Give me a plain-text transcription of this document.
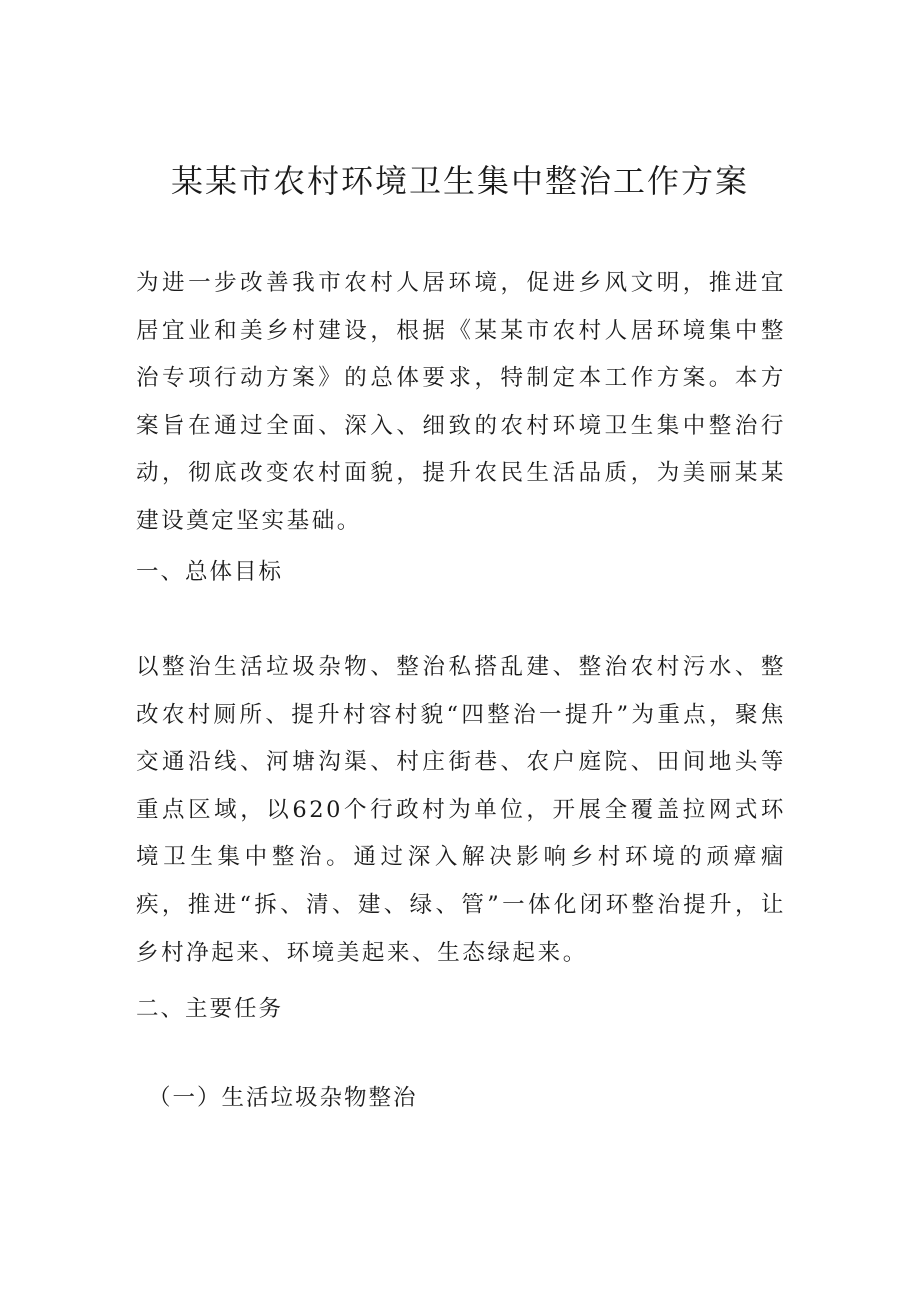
某某市农村环境卫生集中整治工作方案

为进一步改善我市农村人居环境，促进乡风文明，推进宜居宜业和美乡村建设，根据《某某市农村人居环境集中整治专项行动方案》的总体要求，特制定本工作方案。本方案旨在通过全面、深入、细致的农村环境卫生集中整治行动，彻底改变农村面貌，提升农民生活品质，为美丽某某建设奠定坚实基础。

一、总体目标

以整治生活垃圾杂物、整治私搭乱建、整治农村污水、整改农村厕所、提升村容村貌“四整治一提升”为重点，聚焦交通沿线、河塘沟渠、村庄街巷、农户庭院、田间地头等重点区域，以620个行政村为单位，开展全覆盖拉网式环境卫生集中整治。通过深入解决影响乡村环境的顽瘴痼疾，推进“拆、清、建、绿、管”一体化闭环整治提升，让乡村净起来、环境美起来、生态绿起来。

二、主要任务
（一）生活垃圾杂物整治
